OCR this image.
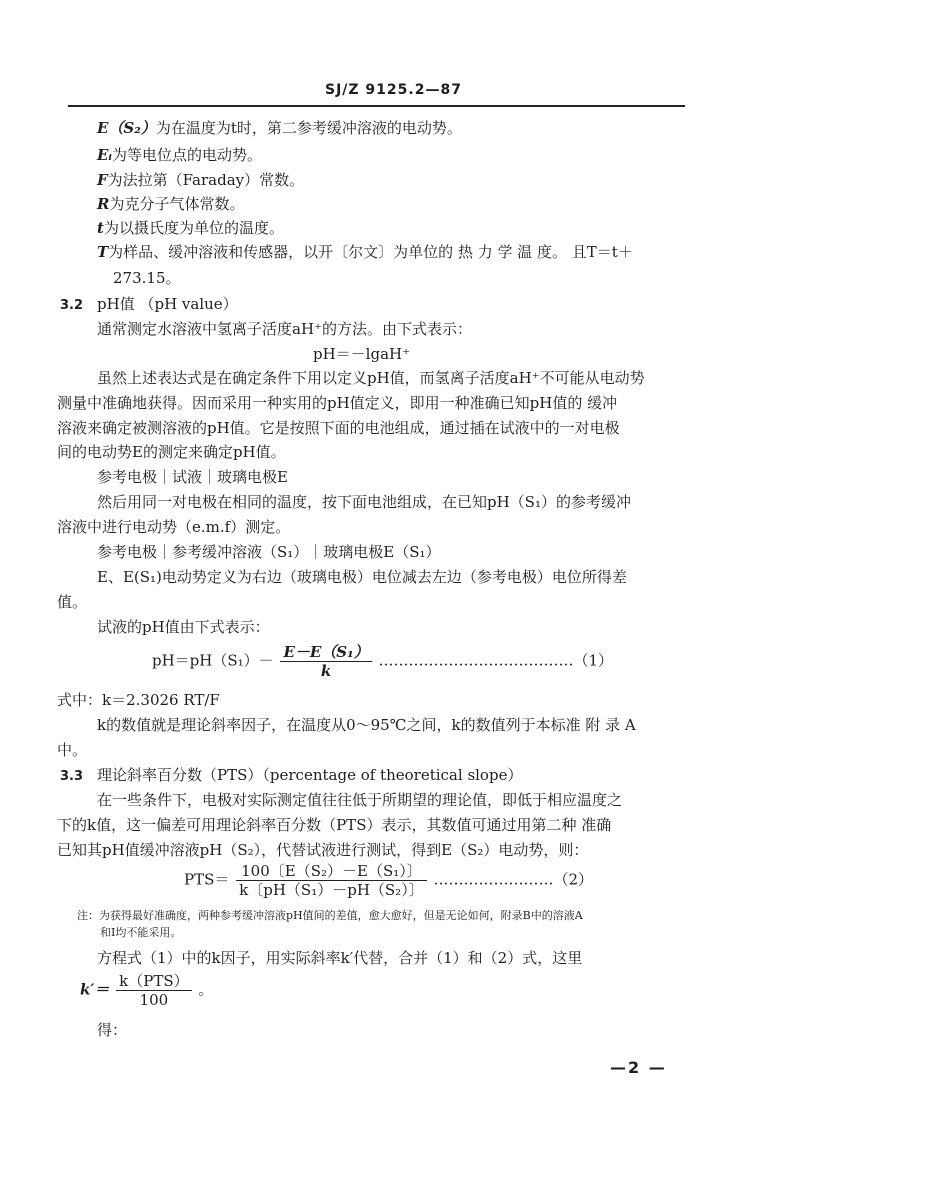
SJ/Z 9125.2—87
E（S₂）为在温度为t时，第二参考缓冲溶液的电动势。
Eᵢ为等电位点的电动势。
F为法拉第（Faraday）常数。
R为克分子气体常数。
t为以摄氏度为单位的温度。
T为样品、缓冲溶液和传感器，以开〔尔文〕为单位的 热 力 学 温 度。 且T＝t＋
273.15。
3.2 pH值 （pH value）
通常测定水溶液中氢离子活度aH⁺的方法。由下式表示：
pH＝－lgaH⁺
虽然上述表达式是在确定条件下用以定义pH值，而氢离子活度aH⁺不可能从电动势
测量中准确地获得。因而采用一种实用的pH值定义，即用一种准确已知pH值的 缓冲
溶液来确定被测溶液的pH值。它是按照下面的电池组成，通过插在试液中的一对电极
间的电动势E的测定来确定pH值。
参考电极｜试液｜玻璃电极E
然后用同一对电极在相同的温度，按下面电池组成，在已知pH（S₁）的参考缓冲
溶液中进行电动势（e.m.f）测定。
参考电极｜参考缓冲溶液（S₁）｜玻璃电极E（S₁）
E、E(S₁)电动势定义为右边（玻璃电极）电位减去左边（参考电极）电位所得差
值。
试液的pH值由下式表示：
$pH=pH(S_1)- \frac{\text{E－E（S₁）}}{k}$ …………………………………（1）
式中：k＝2.3026 RT/F
k的数值就是理论斜率因子，在温度从0～95℃之间，k的数值列于本标准 附 录 A
中。
3.3 理论斜率百分数（PTS）（percentage of theoretical slope）
在一些条件下，电极对实际测定值往往低于所期望的理论值，即低于相应温度之
下的k值，这一偏差可用理论斜率百分数（PTS）表示，其数值可通过用第二种 准确
已知其pH值缓冲溶液pH（S₂），代替试液进行测试，得到E（S₂）电动势，则：
$PTS= \frac{\text{100〔E（S₂）－E（S₁）〕}}{\text{k〔pH（S₁）－pH（S₂）〕}}$ ……………………（2）
注：为获得最好准确度，两种参考缓冲溶液pH值间的差值，愈大愈好，但是无论如何，附录B中的溶液A
和I均不能采用。
方程式（1）中的k因子，用实际斜率k′代替，合并（1）和（2）式，这里
$k'= \frac{\text{k（PTS）}}{100}$ 。
得：
—2 —
